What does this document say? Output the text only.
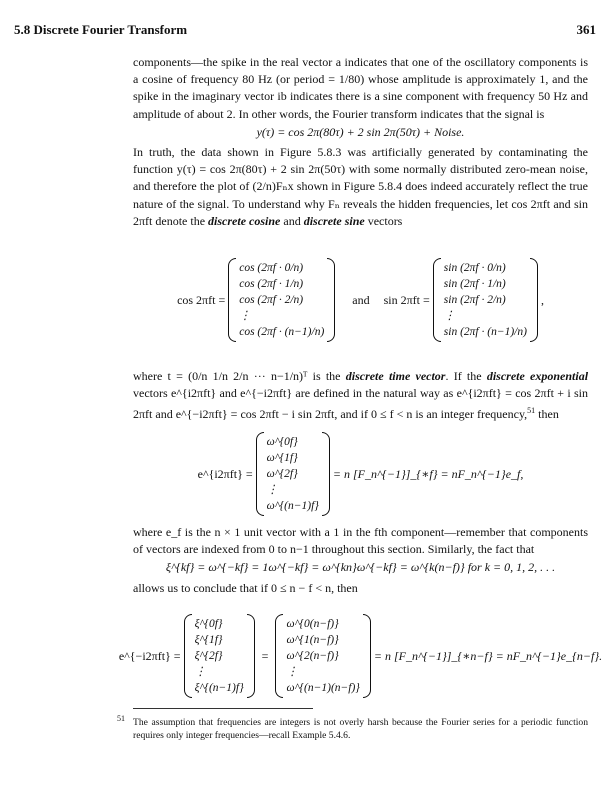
5.8 Discrete Fourier Transform	361

components—the spike in the real vector a indicates that one of the oscillatory components is a cosine of frequency 80 Hz (or period = 1/80) whose amplitude is approximately 1, and the spike in the imaginary vector ib indicates there is a sine component with frequency 50 Hz and amplitude of about 2. In other words, the Fourier transform indicates that the signal is

y(τ) = cos 2π(80τ) + 2 sin 2π(50τ) + Noise.

In truth, the data shown in Figure 5.8.3 was artificially generated by contaminating the function y(τ) = cos 2π(80τ) + 2 sin 2π(50τ) with some normally distributed zero-mean noise, and therefore the plot of (2/n)Fₙx shown in Figure 5.8.4 does indeed accurately reflect the true nature of the signal. To understand why Fₙ reveals the hidden frequencies, let cos 2πft and sin 2πft denote the discrete cosine and discrete sine vectors

cos 2πft =
cos (2πf · 0/n)
cos (2πf · 1/n)
cos (2πf · 2/n)
⋮
cos (2πf · (n−1)/n)
and sin 2πft =
sin (2πf · 0/n)
sin (2πf · 1/n)
sin (2πf · 2/n)
⋮
sin (2πf · (n−1)/n)
,

where t = (0/n 1/n 2/n ··· n−1/n)ᵀ is the discrete time vector. If the discrete exponential vectors e^{i2πft} and e^{−i2πft} are defined in the natural way as e^{i2πft} = cos 2πft + i sin 2πft and e^{−i2πft} = cos 2πft − i sin 2πft, and if 0 ≤ f < n is an integer frequency,$^{51}$ then

e^{i2πft} =
ω^{0f}
ω^{1f}
ω^{2f}
⋮
ω^{(n−1)f}
= n [F_n^{−1}]_{∗f} = nF_n^{−1}e_f,

where e_f is the n × 1 unit vector with a 1 in the fth component—remember that components of vectors are indexed from 0 to n−1 throughout this section. Similarly, the fact that

ξ^{kf} = ω^{−kf} = 1ω^{−kf} = ω^{kn}ω^{−kf} = ω^{k(n−f)} for k = 0, 1, 2, . . .

allows us to conclude that if 0 ≤ n − f < n, then

e^{−i2πft} =
ξ^{0f}
ξ^{1f}
ξ^{2f}
⋮
ξ^{(n−1)f}
=
ω^{0(n−f)}
ω^{1(n−f)}
ω^{2(n−f)}
⋮
ω^{(n−1)(n−f)}
= n [F_n^{−1}]_{∗n−f} = nF_n^{−1}e_{n−f}.
51 The assumption that frequencies are integers is not overly harsh because the Fourier series for a periodic function requires only integer frequencies—recall Example 5.4.6.
